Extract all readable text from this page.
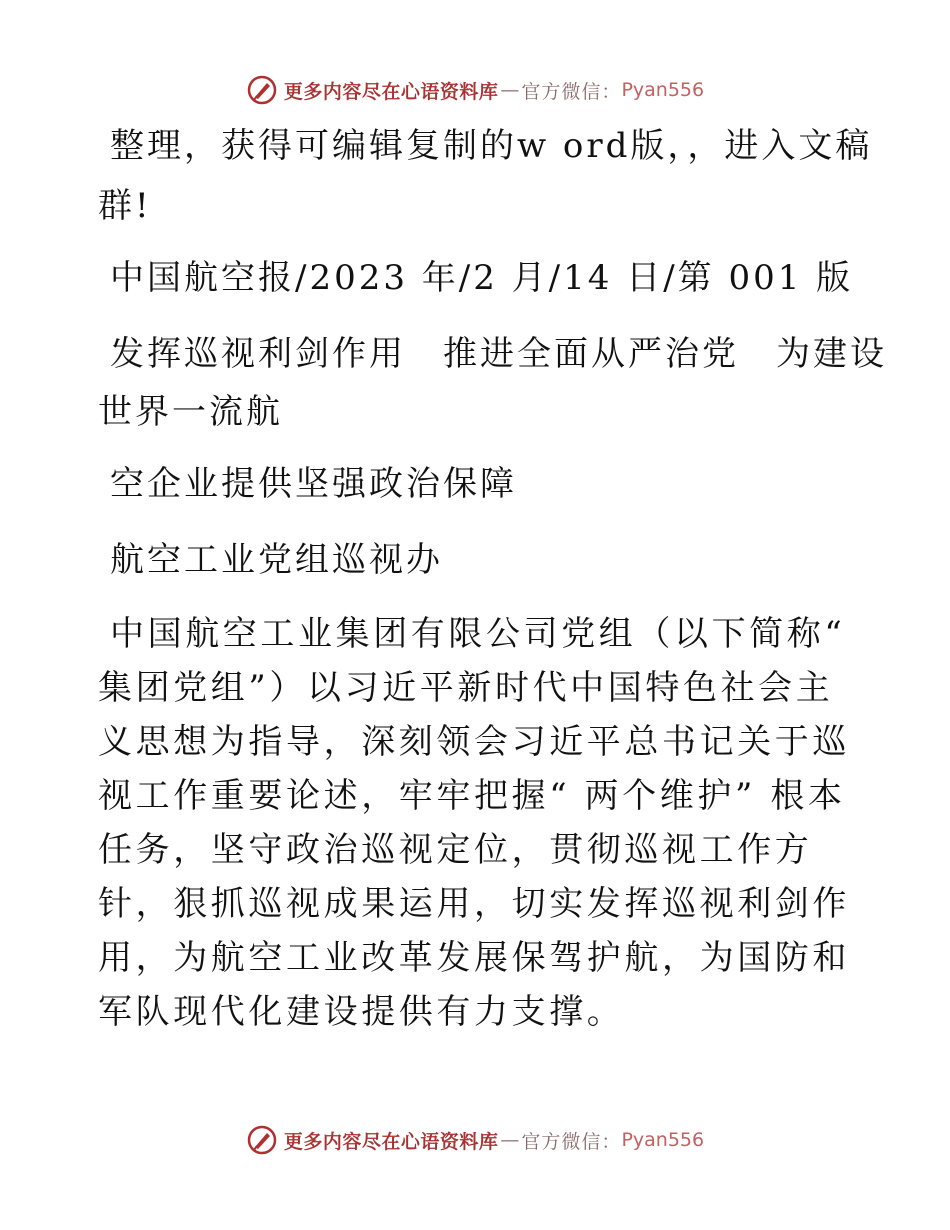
更多内容尽在心语资料库 — 官方微信： Pyan556
整理，获得可编辑复制的w ord版，，进入文稿
群!
中国航空报/2023 年/2 月/14 日/第 001 版
发挥巡视利剑作用　推进全面从严治党　为建设
世界一流航
空企业提供坚强政治保障
航空工业党组巡视办
中国航空工业集团有限公司党组（以下简称“ 集团党组”）以习近平新时代中国特色社会主义思想为指导，深刻领会习近平总书记关于巡视工作重要论述，牢牢把握“ 两个维护” 根本任务，坚守政治巡视定位，贯彻巡视工作方针，狠抓巡视成果运用，切实发挥巡视利剑作用，为航空工业改革发展保驾护航，为国防和军队现代化建设提供有力支撑。
更多内容尽在心语资料库 — 官方微信： Pyan556
